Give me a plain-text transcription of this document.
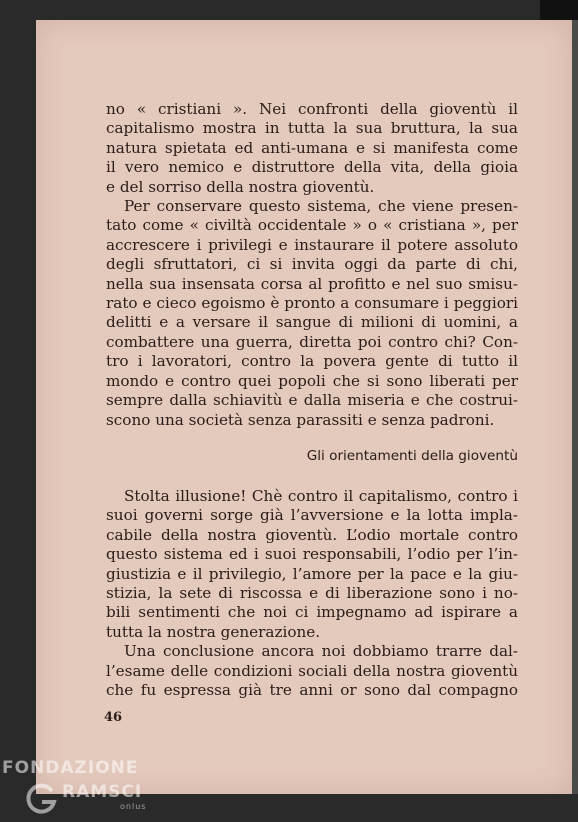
no « cristiani ». Nei confronti della gioventù il
capitalismo mostra in tutta la sua bruttura, la sua
natura spietata ed anti-umana e si manifesta come
il vero nemico e distruttore della vita, della gioia
e del sorriso della nostra gioventù.
Per conservare questo sistema, che viene presen-
tato come « civiltà occidentale » o « cristiana », per
accrescere i privilegi e instaurare il potere assoluto
degli sfruttatori, ci si invita oggi da parte di chi,
nella sua insensata corsa al profitto e nel suo smisu-
rato e cieco egoismo è pronto a consumare i peggiori
delitti e a versare il sangue di milioni di uomini, a
combattere una guerra, diretta poi contro chi? Con-
tro i lavoratori, contro la povera gente di tutto il
mondo e contro quei popoli che si sono liberati per
sempre dalla schiavitù e dalla miseria e che costrui-
scono una società senza parassiti e senza padroni.
Gli orientamenti della gioventù
Stolta illusione! Chè contro il capitalismo, contro i
suoi governi sorge già l’avversione e la lotta impla-
cabile della nostra gioventù. L’odio mortale contro
questo sistema ed i suoi responsabili, l’odio per l’in-
giustizia e il privilegio, l’amore per la pace e la giu-
stizia, la sete di riscossa e di liberazione sono i no-
bili sentimenti che noi ci impegnamo ad ispirare a
tutta la nostra generazione.
Una conclusione ancora noi dobbiamo trarre dal-
l’esame delle condizioni sociali della nostra gioventù
che fu espressa già tre anni or sono dal compagno
46
FONDAZIONE
RAMSCI
onlus
